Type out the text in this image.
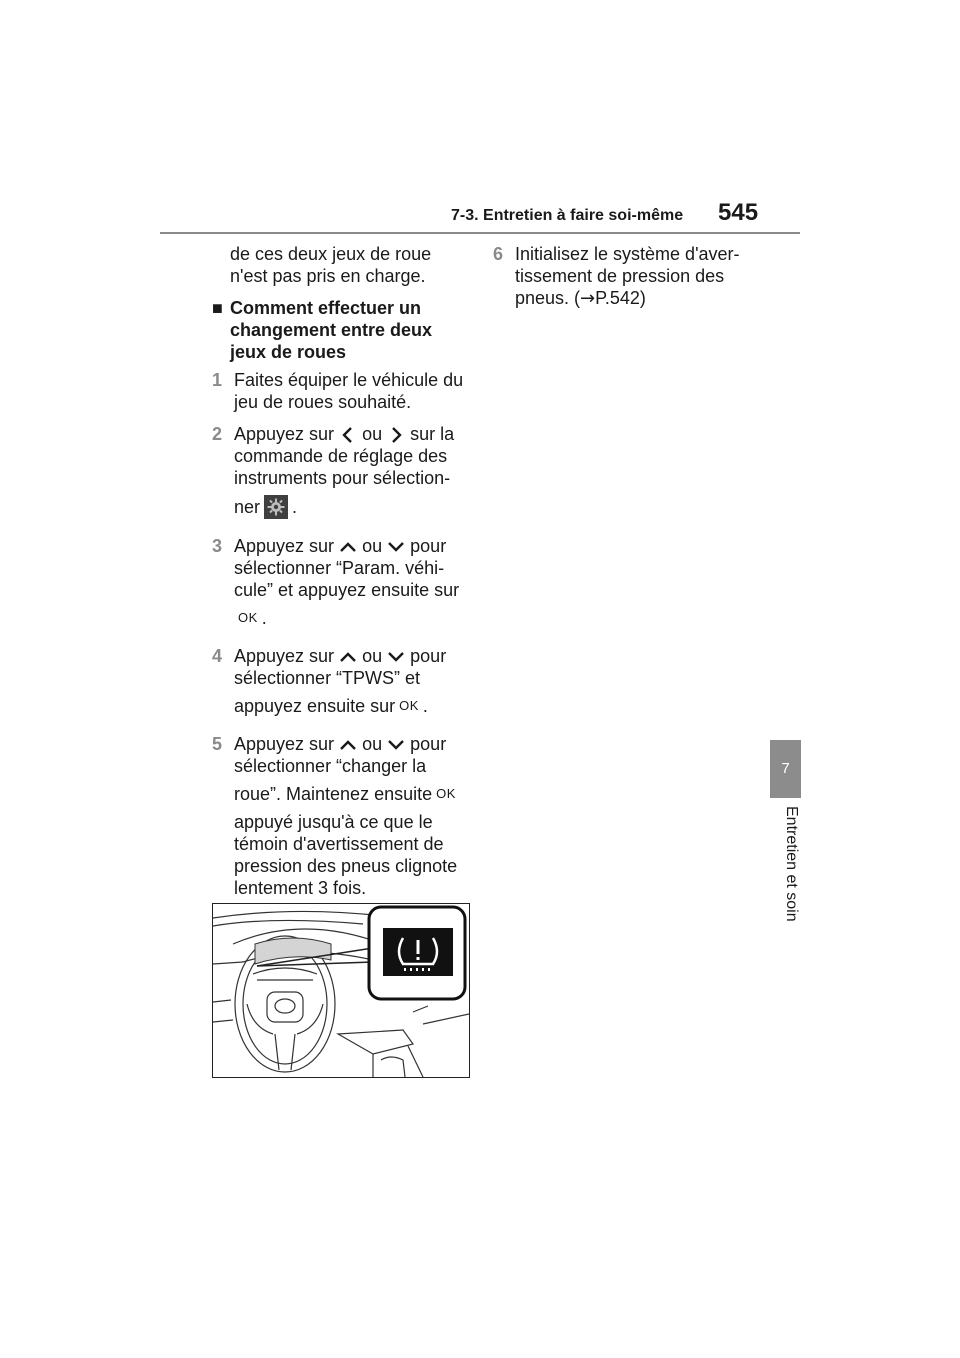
7-3. Entretien à faire soi-même 545
7
Entretien et soin
de ces deux jeux de roue
n'est pas pris en charge.
■ Comment effectuer un
changement entre deux
jeux de roues
1 Faites équiper le véhicule du
jeu de roues souhaité.
2 Appuyez sur ou sur la
commande de réglage des
instruments pour sélection-
ner .
3 Appuyez sur ou pour
sélectionner “Param. véhi-
cule” et appuyez ensuite sur
OK .
4 Appuyez sur ou pour
sélectionner “TPWS” et
appuyez ensuite sur OK .
5 Appuyez sur ou pour
sélectionner “changer la
roue”. Maintenez ensuite OK
appuyé jusqu'à ce que le
témoin d'avertissement de
pression des pneus clignote
lentement 3 fois.
6 Initialisez le système d'aver-
tissement de pression des
pneus. (→P.542)
